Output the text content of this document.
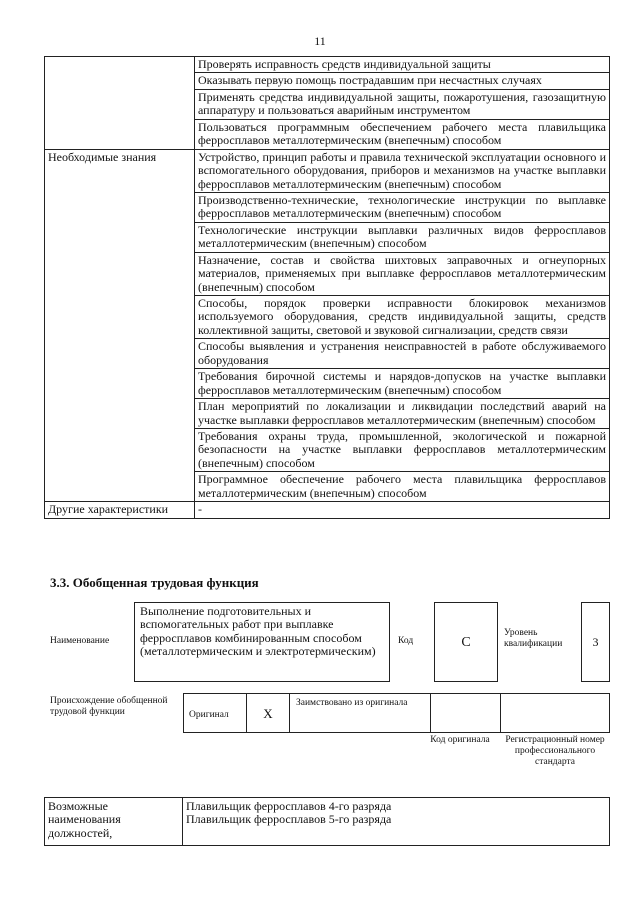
11
	Проверять исправность средств индивидуальной защиты
	Оказывать первую помощь пострадавшим при несчастных случаях
	Применять средства индивидуальной защиты, пожаротушения, газозащитную аппаратуру и пользоваться аварийным инструментом
	Пользоваться программным обеспечением рабочего места плавильщика ферросплавов металлотермическим (внепечным) способом
Необходимые знания	Устройство, принцип работы и правила технической эксплуатации основного и вспомогательного оборудования, приборов и механизмов на участке выплавки ферросплавов металлотермическим (внепечным) способом
	Производственно-технические, технологические инструкции по выплавке ферросплавов металлотермическим (внепечным) способом
	Технологические инструкции выплавки различных видов ферросплавов металлотермическим (внепечным) способом
	Назначение, состав и свойства шихтовых заправочных и огнеупорных материалов, применяемых при выплавке ферросплавов металлотермическим (внепечным) способом
	Способы, порядок проверки исправности блокировок механизмов используемого оборудования, средств индивидуальной защиты, средств коллективной защиты, световой и звуковой сигнализации, средств связи
	Способы выявления и устранения неисправностей в работе обслуживаемого оборудования
	Требования бирочной системы и нарядов-допусков на участке выплавки ферросплавов металлотермическим (внепечным) способом
	План мероприятий по локализации и ликвидации последствий аварий на участке выплавки ферросплавов металлотермическим (внепечным) способом
	Требования охраны труда, промышленной, экологической и пожарной безопасности на участке выплавки ферросплавов металлотермическим (внепечным) способом
	Программное обеспечение рабочего места плавильщика ферросплавов металлотермическим (внепечным) способом
Другие характеристики	-
3.3. Обобщенная трудовая функция
Наименование
Выполнение подготовительных и вспомогательных работ при выплавке ферросплавов комбинированным способом (металлотермическим и электротермическим)
Код	C
Уровень квалификации	3
Происхождение обобщенной трудовой функции	Оригинал	X
Заимствовано из оригинала
Код оригинала	Регистрационный номер профессионального стандарта
Возможные наименования должностей,	
Плавильщик ферросплавов 4-го разряда
Плавильщик ферросплавов 5-го разряда
